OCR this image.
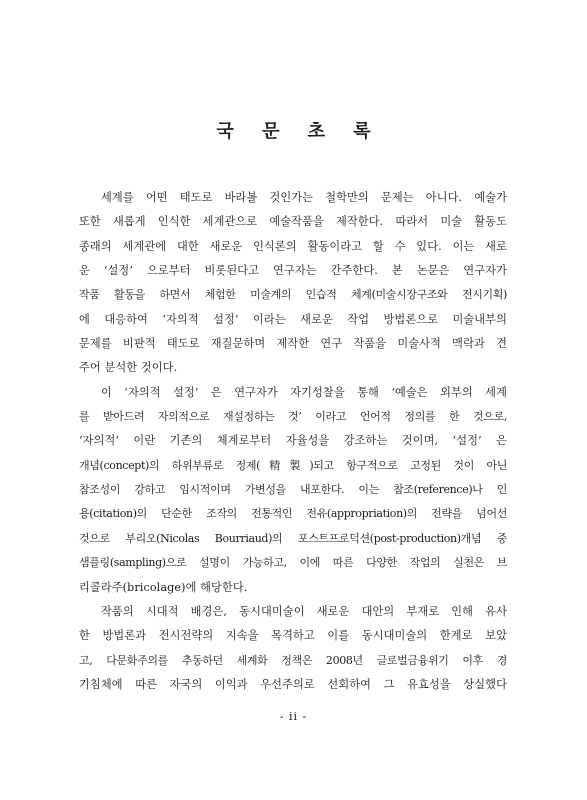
국 문 초 록
세계를 어떤 태도로 바라볼 것인가는 철학만의 문제는 아니다. 예술가
또한 새롭게 인식한 세계관으로 예술작품을 제작한다. 따라서 미술 활동도
종래의 세계관에 대한 새로운 인식론의 활동이라고 할 수 있다. 이는 새로
운 ‘설정’ 으로부터 비롯된다고 연구자는 간주한다. 본 논문은 연구자가
작품 활동을 하면서 체험한 미술계의 인습적 체계(미술시장구조와 전시기획)
에 대응하여 ‘자의적 설정’ 이라는 새로운 작업 방법론으로 미술내부의
문제를 비판적 태도로 재질문하며 제작한 연구 작품을 미술사적 맥락과 견
주어 분석한 것이다.
이 ‘자의적 설정’ 은 연구자가 자기성찰을 통해 ‘예술은 외부의 세계
를 받아드려 자의적으로 재설정하는 것’ 이라고 언어적 정의를 한 것으로,
‘자의적’ 이란 기존의 체계로부터 자율성을 강조하는 것이며, ‘설정’ 은
개념(concept)의 하위부류로 정제(精製)되고 항구적으로 고정된 것이 아닌
참조성이 강하고 임시적이며 가변성을 내포한다. 이는 참조(reference)나 인
용(citation)의 단순한 조작의 전통적인 전유(appropriation)의 전략을 넘어선
것으로 부리오(Nicolas Bourriaud)의 포스트프로덕션(post-production)개념 중
샘플링(sampling)으로 설명이 가능하고, 이에 따른 다양한 작업의 실천은 브
리콜라주(bricolage)에 해당한다.
작품의 시대적 배경은, 동시대미술이 새로운 대안의 부재로 인해 유사
한 방법론과 전시전략의 지속을 목격하고 이를 동시대미술의 한계로 보았
고, 다문화주의를 추동하던 세계화 정책은 2008년 글로벌금융위기 이후 경
기침체에 따른 자국의 이익과 우선주의로 선회하여 그 유효성을 상실했다
- ii -
